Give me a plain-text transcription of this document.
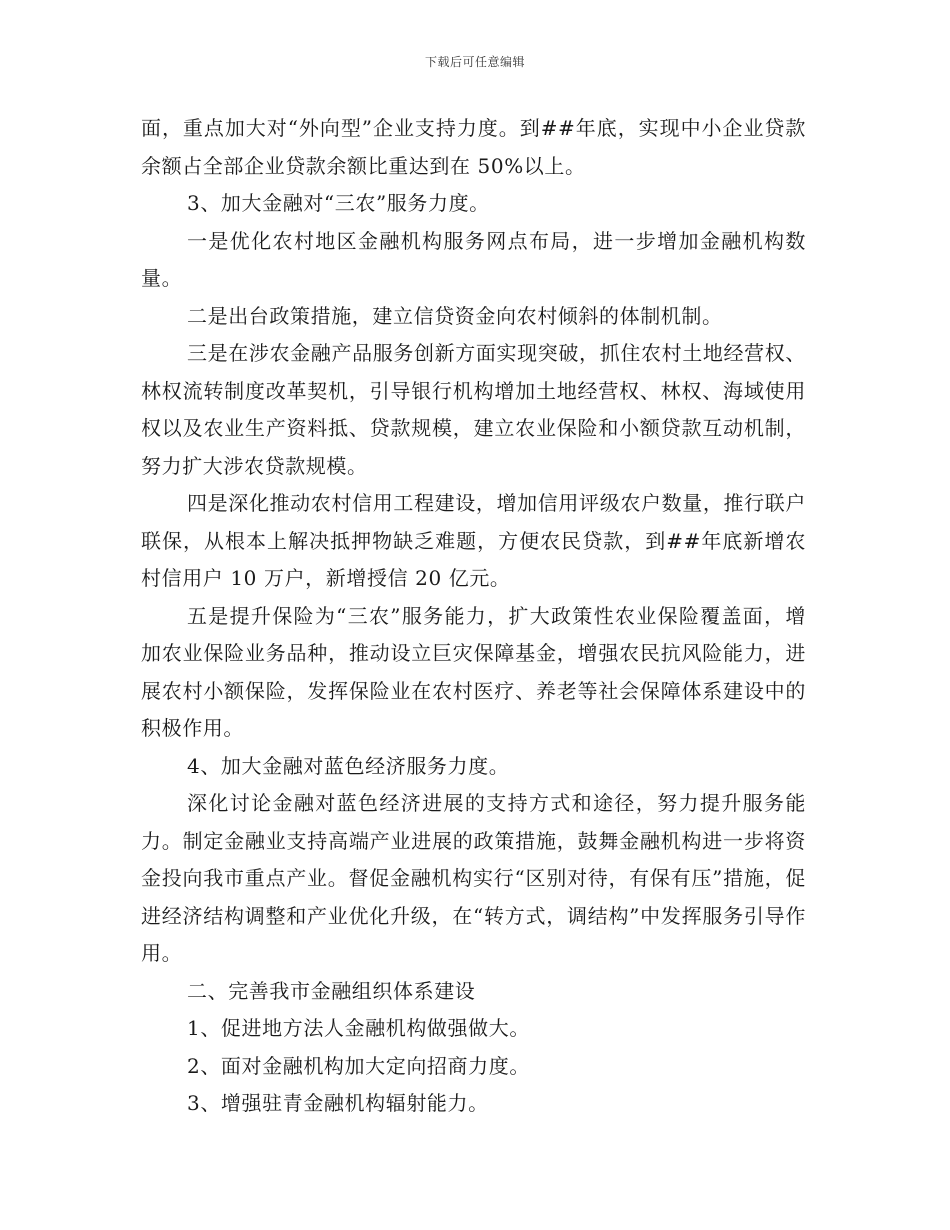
下载后可任意编辑

面，重点加大对“外向型”企业支持力度。到##年底，实现中小企业贷款余额占全部企业贷款余额比重达到在 50%以上。

3、加大金融对“三农”服务力度。

一是优化农村地区金融机构服务网点布局，进一步增加金融机构数量。

二是出台政策措施，建立信贷资金向农村倾斜的体制机制。

三是在涉农金融产品服务创新方面实现突破，抓住农村土地经营权、林权流转制度改革契机，引导银行机构增加土地经营权、林权、海域使用权以及农业生产资料抵、贷款规模，建立农业保险和小额贷款互动机制，努力扩大涉农贷款规模。

四是深化推动农村信用工程建设，增加信用评级农户数量，推行联户联保，从根本上解决抵押物缺乏难题，方便农民贷款，到##年底新增农村信用户 10 万户，新增授信 20 亿元。

五是提升保险为“三农”服务能力，扩大政策性农业保险覆盖面，增加农业保险业务品种，推动设立巨灾保障基金，增强农民抗风险能力，进展农村小额保险，发挥保险业在农村医疗、养老等社会保障体系建设中的积极作用。

4、加大金融对蓝色经济服务力度。

深化讨论金融对蓝色经济进展的支持方式和途径，努力提升服务能力。制定金融业支持高端产业进展的政策措施，鼓舞金融机构进一步将资金投向我市重点产业。督促金融机构实行“区别对待，有保有压”措施，促进经济结构调整和产业优化升级，在“转方式，调结构”中发挥服务引导作用。

二、完善我市金融组织体系建设

1、促进地方法人金融机构做强做大。

2、面对金融机构加大定向招商力度。

3、增强驻青金融机构辐射能力。
